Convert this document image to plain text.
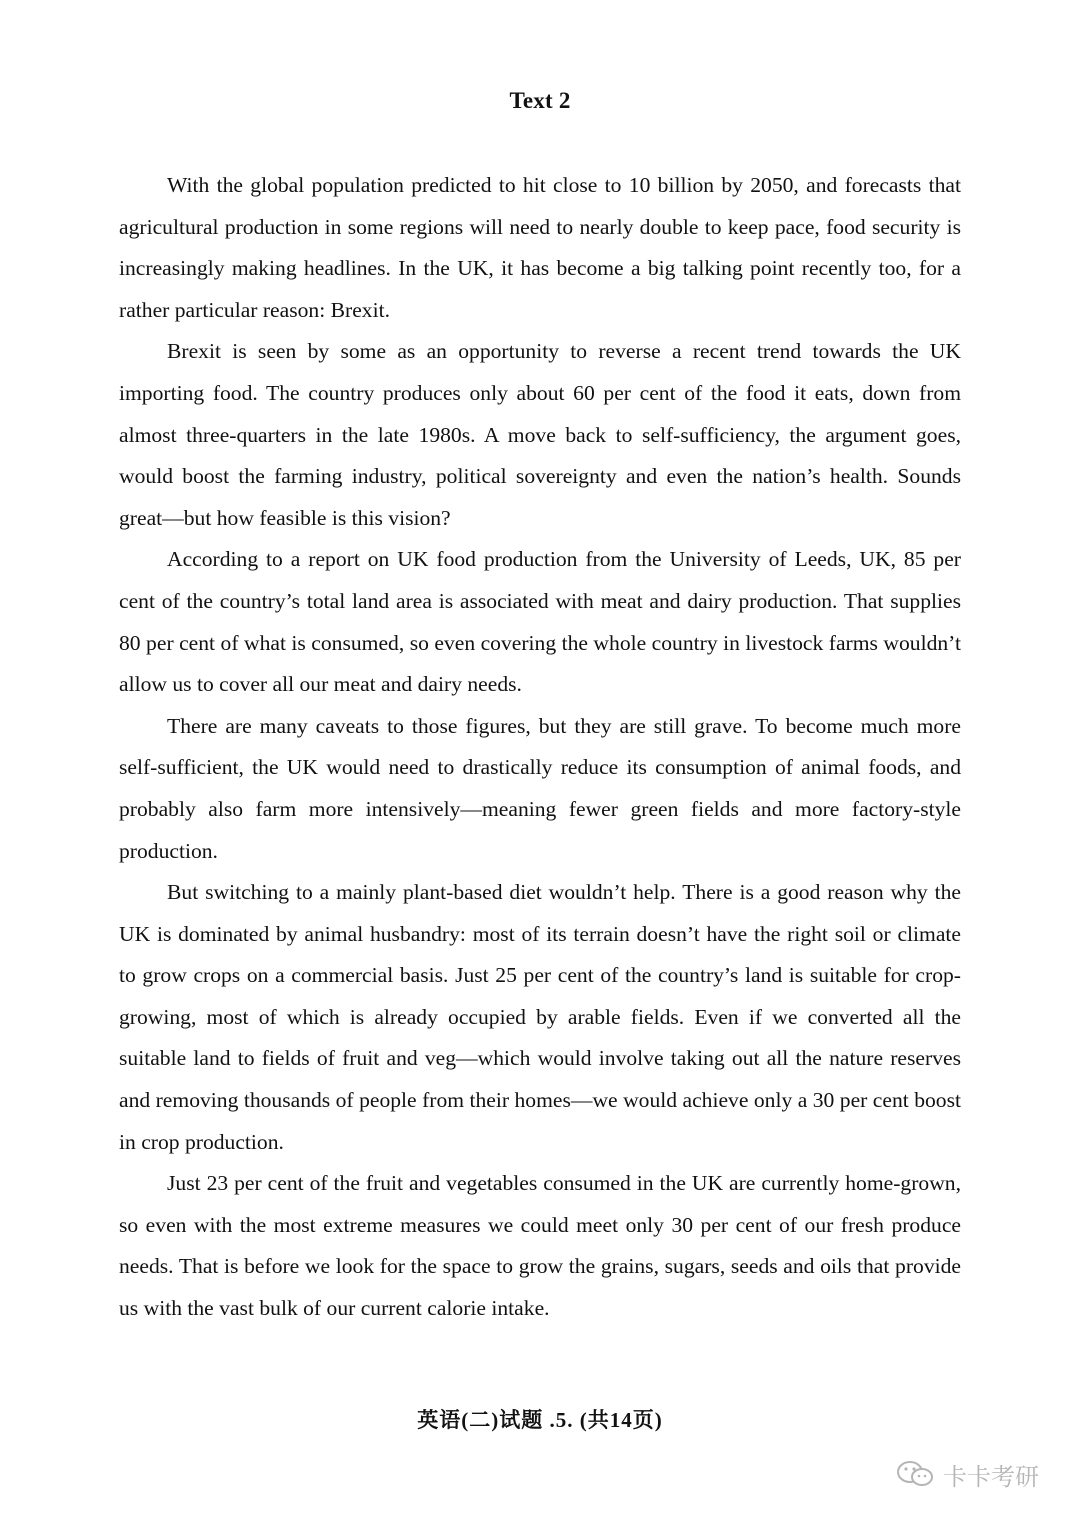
Text 2

With the global population predicted to hit close to 10 billion by 2050, and forecasts that agricultural production in some regions will need to nearly double to keep pace, food security is increasingly making headlines. In the UK, it has become a big talking point recently too, for a rather particular reason: Brexit.

Brexit is seen by some as an opportunity to reverse a recent trend towards the UK importing food. The country produces only about 60 per cent of the food it eats, down from almost three-quarters in the late 1980s. A move back to self-sufficiency, the argument goes, would boost the farming industry, political sovereignty and even the nation’s health. Sounds great—but how feasible is this vision?

According to a report on UK food production from the University of Leeds, UK, 85 per cent of the country’s total land area is associated with meat and dairy production. That supplies 80 per cent of what is consumed, so even covering the whole country in livestock farms wouldn’t allow us to cover all our meat and dairy needs.

There are many caveats to those figures, but they are still grave. To become much more self-sufficient, the UK would need to drastically reduce its consumption of animal foods, and probably also farm more intensively—meaning fewer green fields and more factory-style production.

But switching to a mainly plant-based diet wouldn’t help. There is a good reason why the UK is dominated by animal husbandry: most of its terrain doesn’t have the right soil or climate to grow crops on a commercial basis. Just 25 per cent of the country’s land is suitable for crop-growing, most of which is already occupied by arable fields. Even if we converted all the suitable land to fields of fruit and veg—which would involve taking out all the nature reserves and removing thousands of people from their homes—we would achieve only a 30 per cent boost in crop production.

Just 23 per cent of the fruit and vegetables consumed in the UK are currently home-grown, so even with the most extreme measures we could meet only 30 per cent of our fresh produce needs. That is before we look for the space to grow the grains, sugars, seeds and oils that provide us with the vast bulk of our current calorie intake.

英语(二)试题 .5. (共14页)
卡卡考研
